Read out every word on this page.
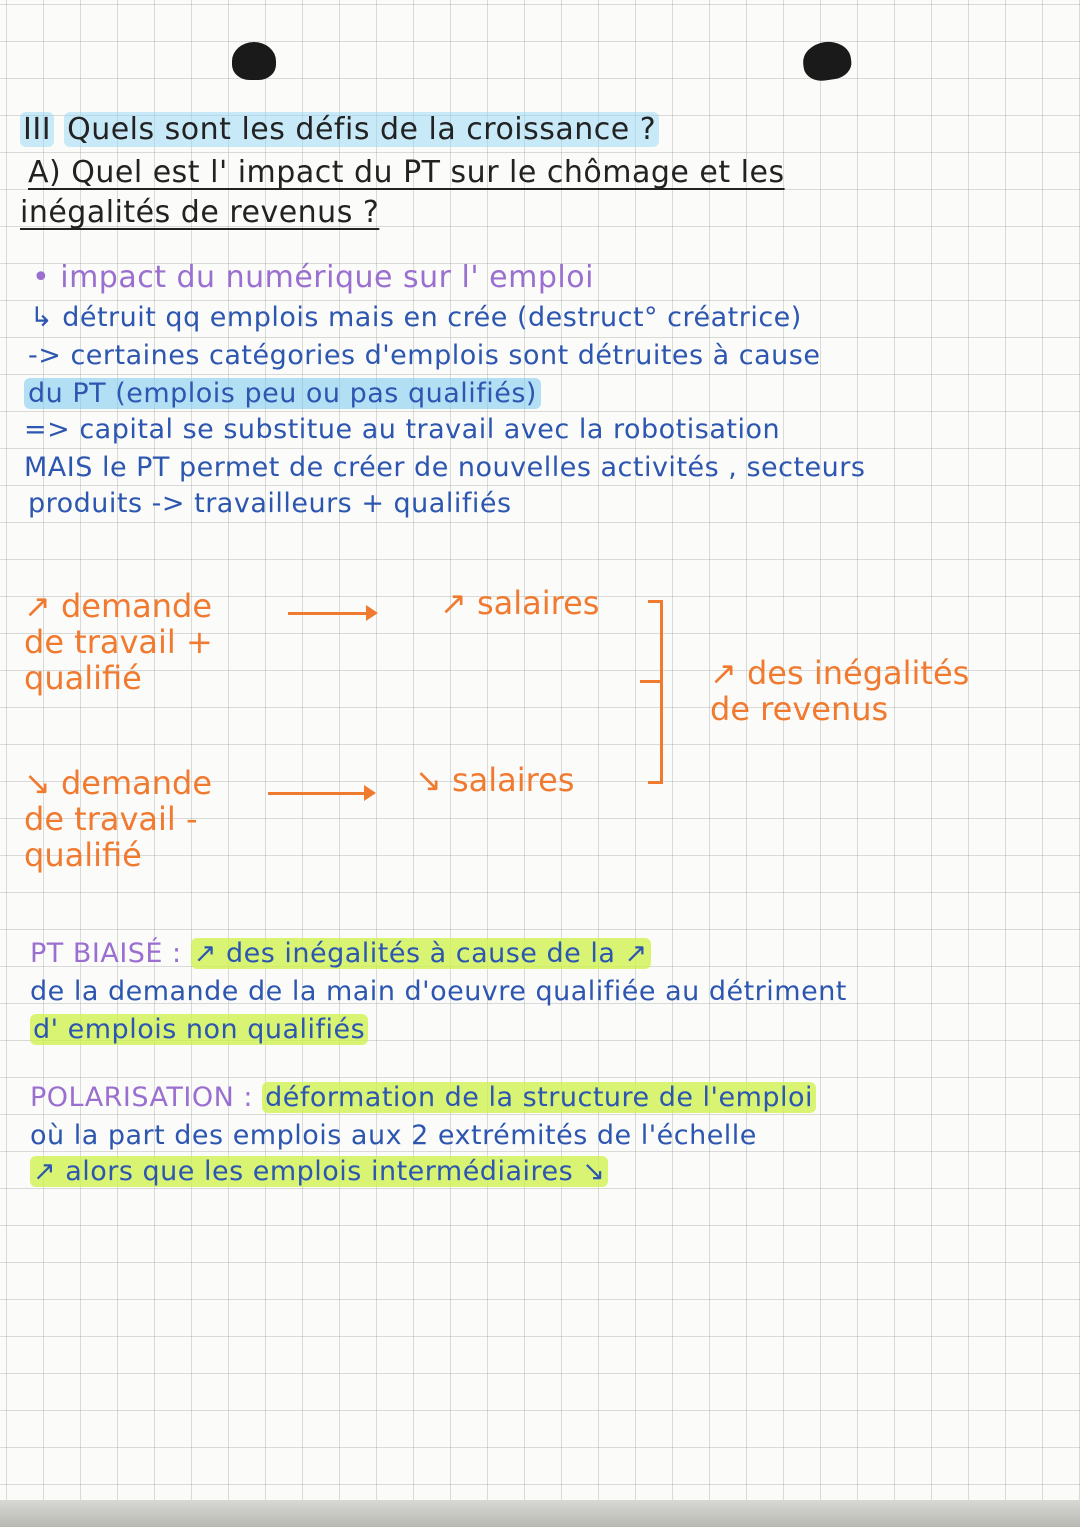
III Quels sont les défis de la croissance ?
A) Quel est l' impact du PT sur le chômage et les
inégalités de revenus ?
• impact du numérique sur l' emploi
↳ détruit qq emplois mais en crée (destruct° créatrice)
-> certaines catégories d'emplois sont détruites à cause
du PT (emplois peu ou pas qualifiés)
=> capital se substitue au travail avec la robotisation
MAIS le PT permet de créer de nouvelles activités , secteurs
produits -> travailleurs + qualifiés
↗ demande
de travail +
qualifié
↗ salaires
↘ demande
de travail -
qualifié
↘ salaires
↗ des inégalités
de revenus
PT BIAISÉ : ↗ des inégalités à cause de la ↗
de la demande de la main d'oeuvre qualifiée au détriment
d' emplois non qualifiés
POLARISATION : déformation de la structure de l'emploi
où la part des emplois aux 2 extrémités de l'échelle
↗ alors que les emplois intermédiaires ↘
